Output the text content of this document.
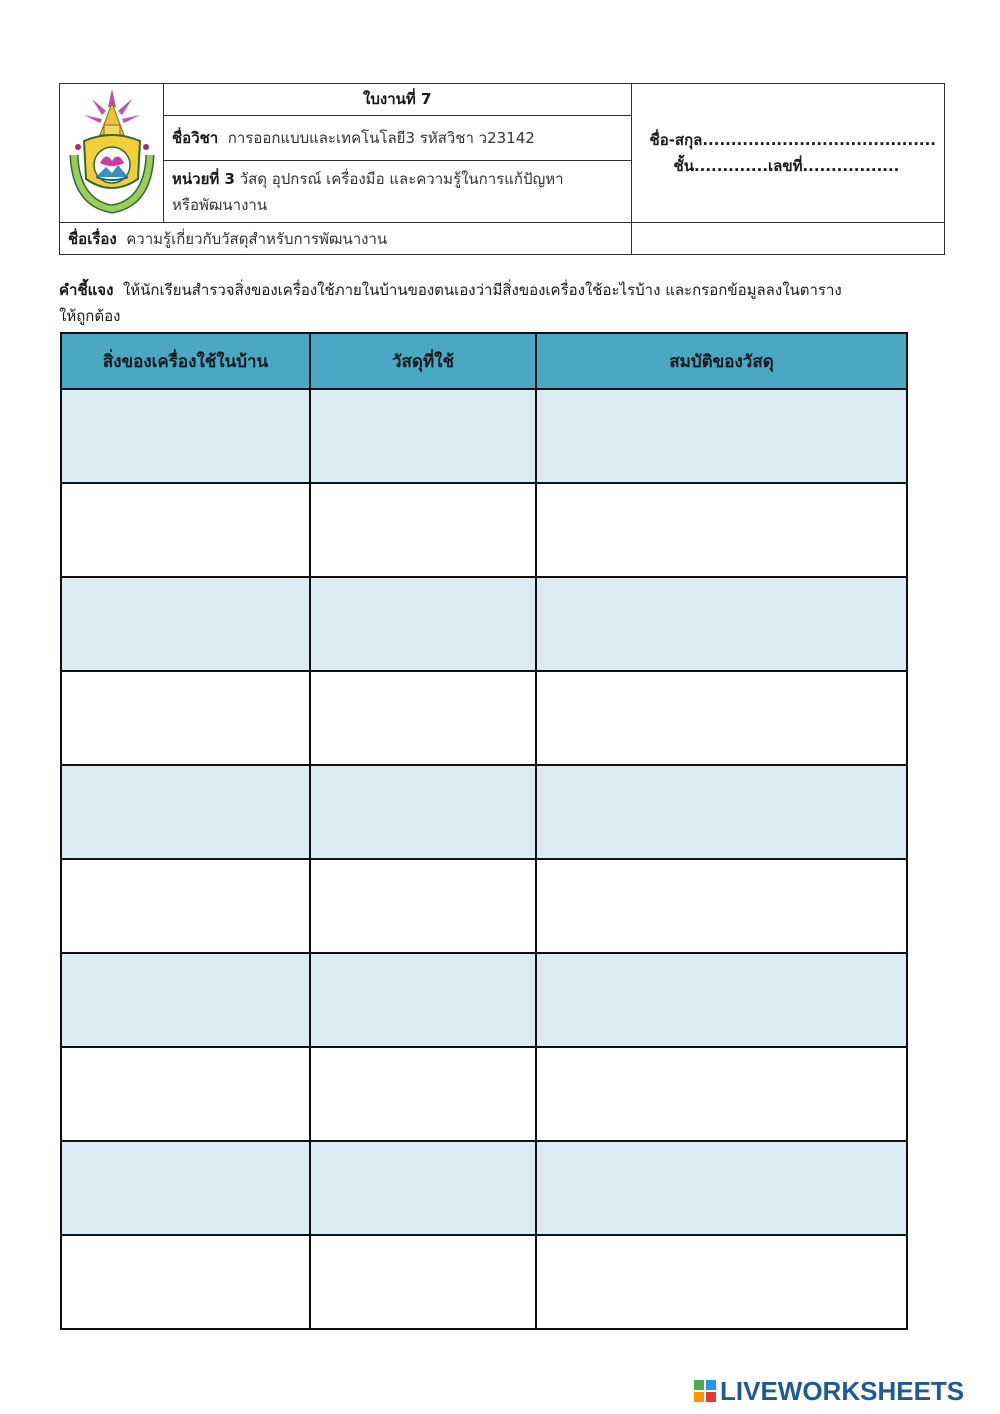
	ใบงานที่ 7	ชื่อ-สกุล.........................................
ชั้น.............เลขที่.................

	ชื่อวิชา การออกแบบและเทคโนโลยี3 รหัสวิชา ว23142	
	หน่วยที่ 3 วัสดุ อุปกรณ์ เครื่องมือ และความรู้ในการแก้ปัญหา
หรือพัฒนางาน	
ชื่อเรื่อง ความรู้เกี่ยวกับวัสดุสำหรับการพัฒนางาน		
คำชี้แจง ให้นักเรียนสำรวจสิ่งของเครื่องใช้ภายในบ้านของตนเองว่ามีสิ่งของเครื่องใช้อะไรบ้าง และกรอกข้อมูลลงในตาราง
ให้ถูกต้อง
สิ่งของเครื่องใช้ในบ้าน	วัสดุที่ใช้	สมบัติของวัสดุ

LIVEWORKSHEETS
